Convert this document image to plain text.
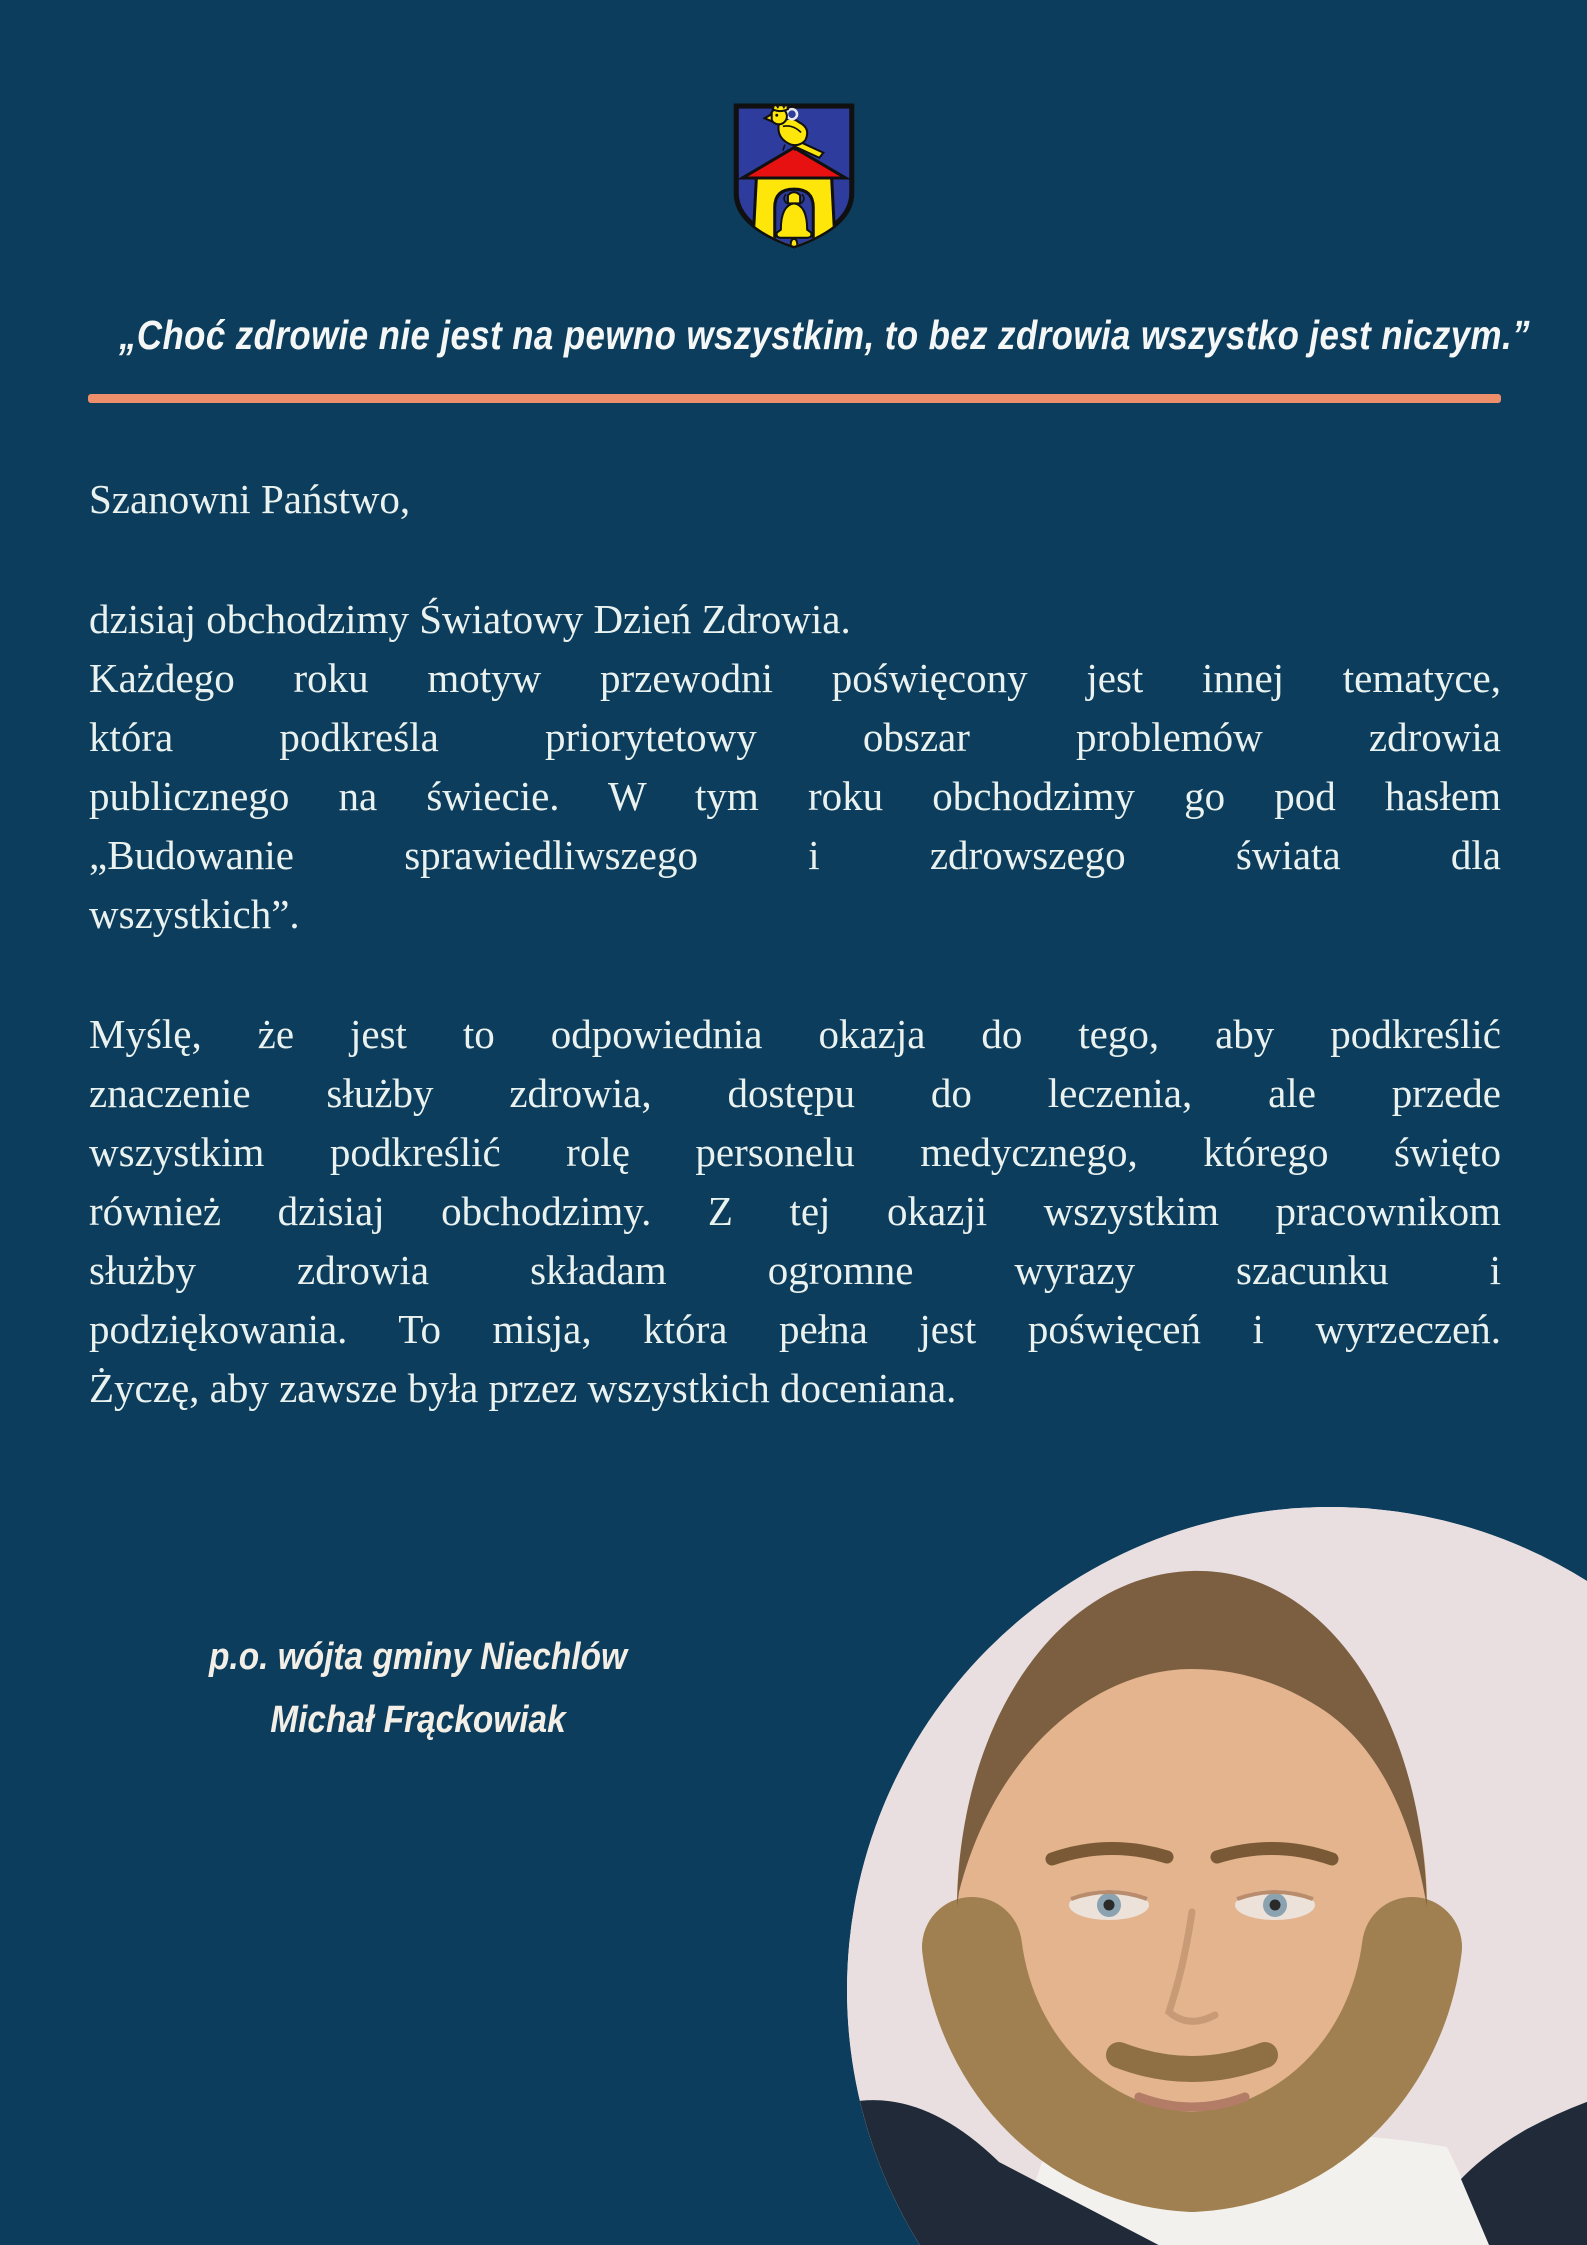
„Choć zdrowie nie jest na pewno wszystkim, to bez zdrowia wszystko jest niczym.”
Szanowni Państwo,
dzisiaj obchodzimy Światowy Dzień Zdrowia.
Każdego roku motyw przewodni poświęcony jest innej tematyce,
która podkreśla priorytetowy obszar problemów zdrowia
publicznego na świecie. W tym roku obchodzimy go pod hasłem
„Budowanie sprawiedliwszego i zdrowszego świata dla
wszystkich”.
Myślę, że jest to odpowiednia okazja do tego, aby podkreślić
znaczenie służby zdrowia, dostępu do leczenia, ale przede
wszystkim podkreślić rolę personelu medycznego, którego święto
również dzisiaj obchodzimy. Z tej okazji wszystkim pracownikom
służby zdrowia składam ogromne wyrazy szacunku i
podziękowania. To misja, która pełna jest poświęceń i wyrzeczeń.
Życzę, aby zawsze była przez wszystkich doceniana.
p.o. wójta gminy Niechlów
Michał Frąckowiak
